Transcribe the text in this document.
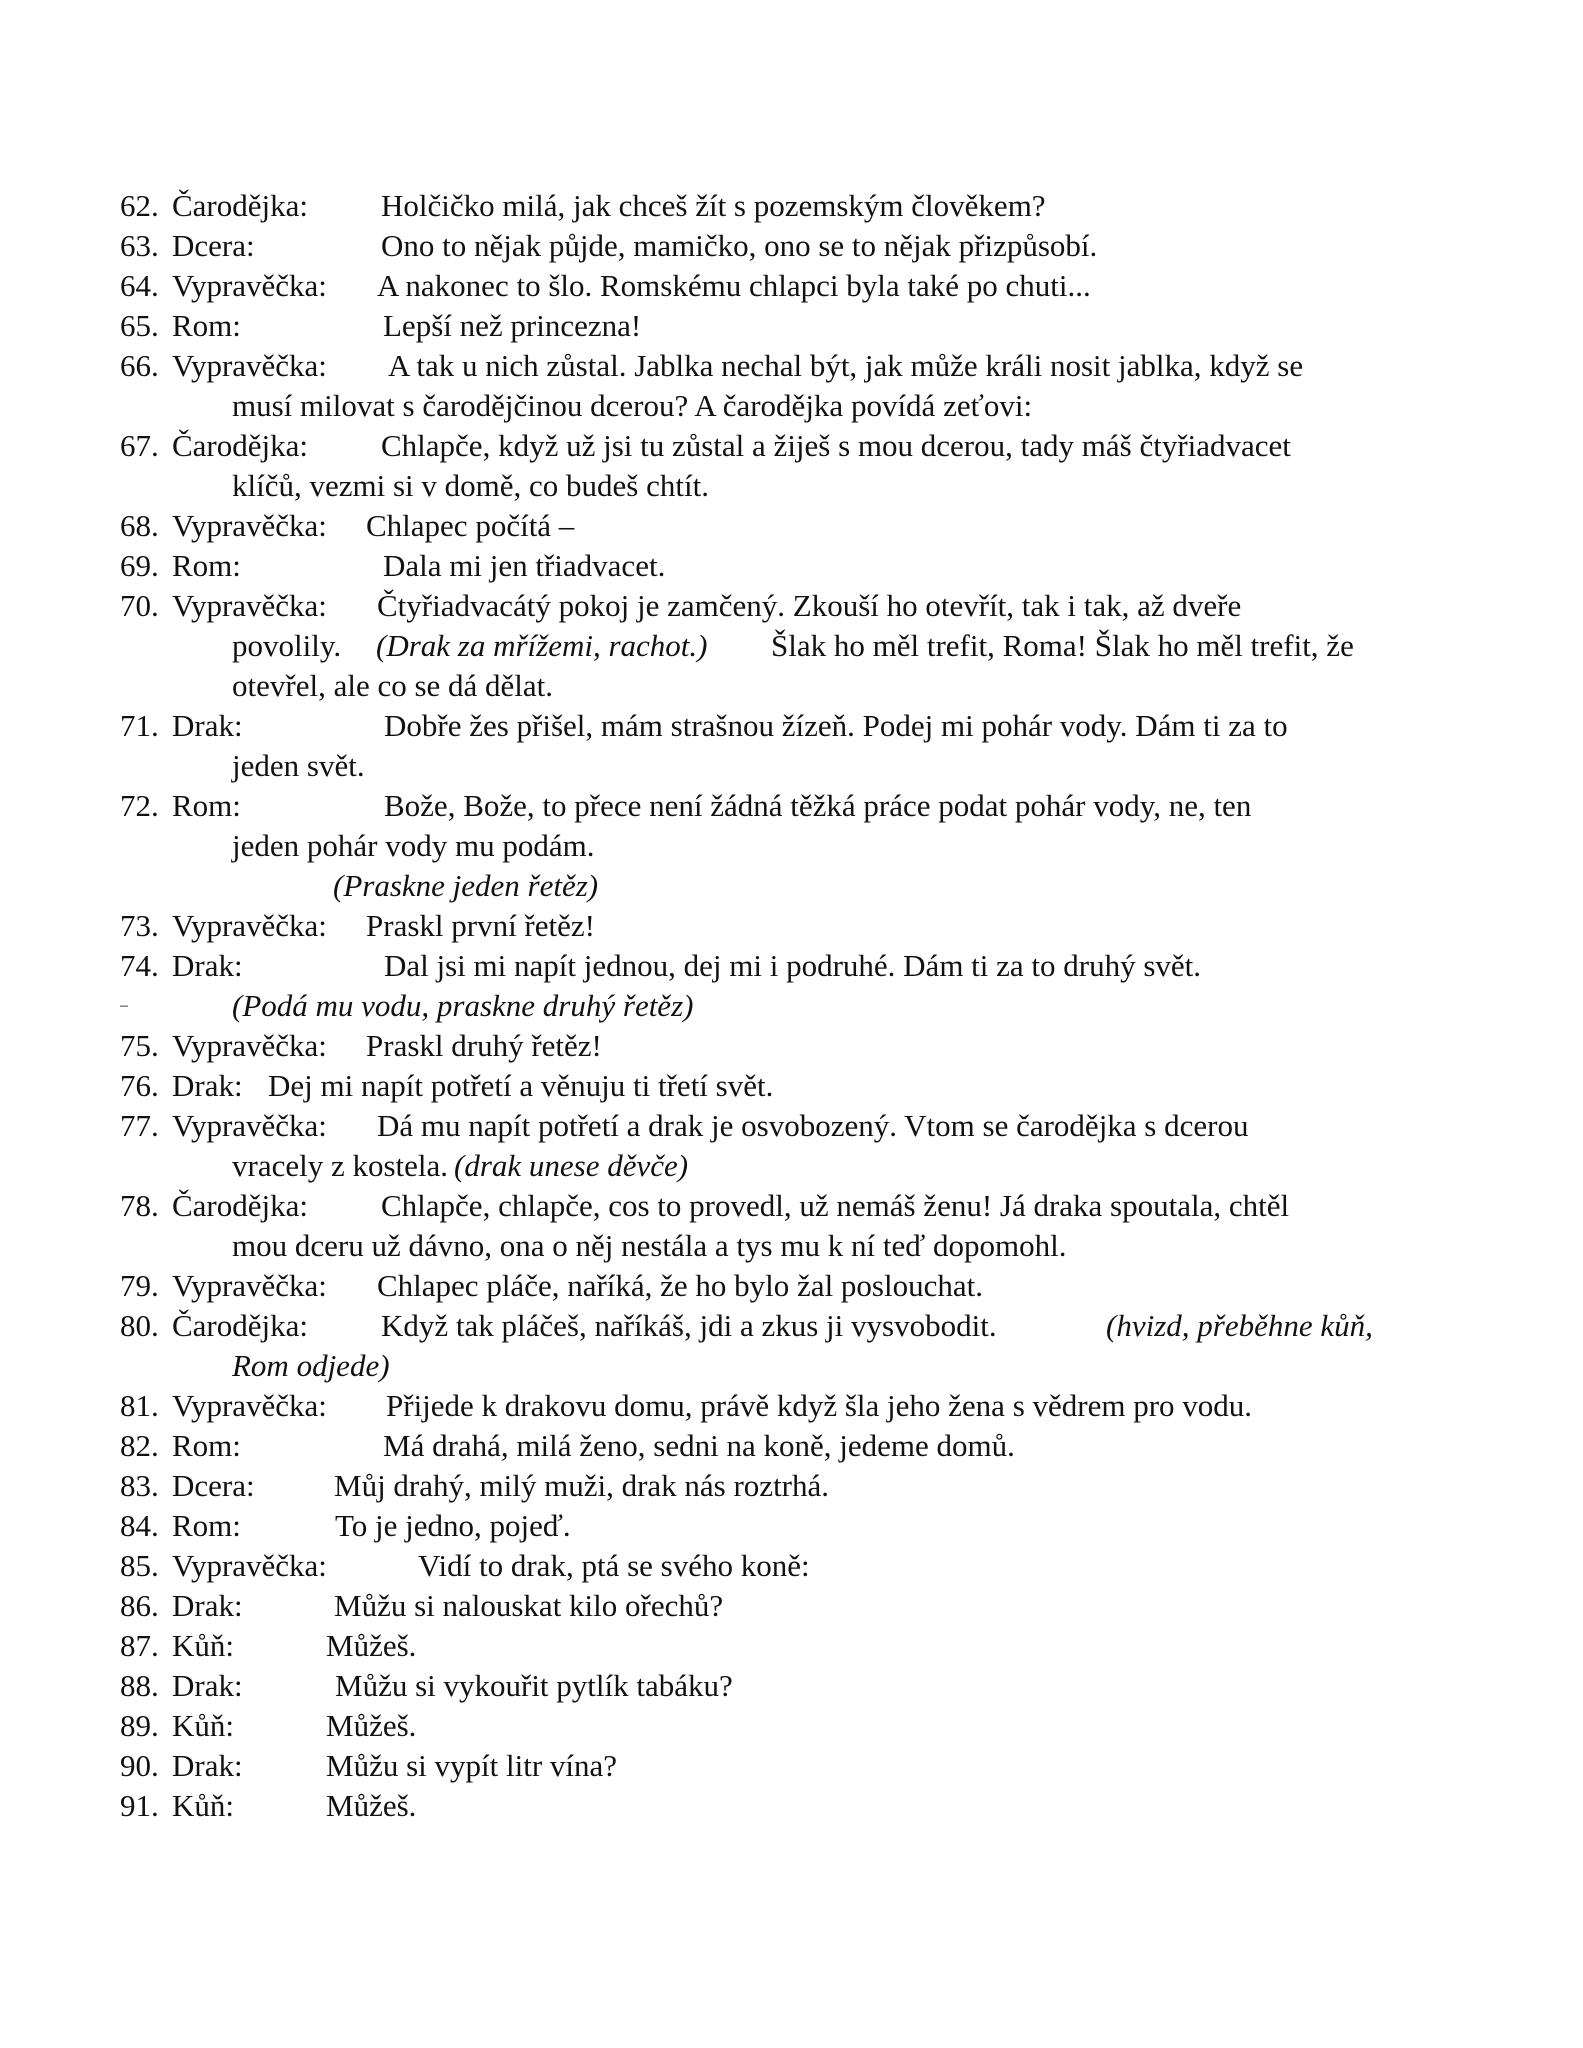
62. Čarodějka: Holčičko milá, jak chceš žít s pozemským člověkem?
63. Dcera:	Ono to nějak půjde, mamičko, ono se to nějak přizpůsobí.
64. Vypravěčka: A nakonec to šlo. Romskému chlapci byla také po chuti...
65. Rom:	Lepší než princezna!
66. Vypravěčka: A tak u nich zůstal. Jablka nechal být, jak může králi nosit jablka, když se
musí milovat s čarodějčinou dcerou? A čarodějka povídá zeťovi:
67. Čarodějka: Chlapče, když už jsi tu zůstal a žiješ s mou dcerou, tady máš čtyřiadvacet
klíčů, vezmi si v domě, co budeš chtít.
68. Vypravěčka: Chlapec počítá –
69. Rom:	Dala mi jen třiadvacet.
70. Vypravěčka: Čtyřiadvacátý pokoj je zamčený. Zkouší ho otevřít, tak i tak, až dveře
povolily. (Drak za mřížemi, rachot.) Šlak ho měl trefit, Roma! Šlak ho měl trefit, že
otevřel, ale co se dá dělat.
71. Drak:	Dobře žes přišel, mám strašnou žízeň. Podej mi pohár vody. Dám ti za to
jeden svět.
72. Rom:	Bože, Bože, to přece není žádná těžká práce podat pohár vody, ne, ten
jeden pohár vody mu podám.
(Praskne jeden řetěz)
73. Vypravěčka: Praskl první řetěz!
74. Drak:	Dal jsi mi napít jednou, dej mi i podruhé. Dám ti za to druhý svět.
–	(Podá mu vodu, praskne druhý řetěz)
75. Vypravěčka: Praskl druhý řetěz!
76. Drak: Dej mi napít potřetí a věnuju ti třetí svět.
77. Vypravěčka: Dá mu napít potřetí a drak je osvobozený. Vtom se čarodějka s dcerou
vracely z kostela. (drak unese děvče)
78. Čarodějka: Chlapče, chlapče, cos to provedl, už nemáš ženu! Já draka spoutala, chtěl
mou dceru už dávno, ona o něj nestála a tys mu k ní teď dopomohl.
79. Vypravěčka: Chlapec pláče, naříká, že ho bylo žal poslouchat.
80. Čarodějka: Když tak pláčeš, naříkáš, jdi a zkus ji vysvobodit.	(hvizd, přeběhne kůň,
Rom odjede)
81. Vypravěčka: Přijede k drakovu domu, právě když šla jeho žena s vědrem pro vodu.
82. Rom:	Má drahá, milá ženo, sedni na koně, jedeme domů.
83. Dcera:	Můj drahý, milý muži, drak nás roztrhá.
84. Rom:	To je jedno, pojeď.
85. Vypravěčka:	Vidí to drak, ptá se svého koně:
86. Drak:	Můžu si nalouskat kilo ořechů?
87. Kůň:	Můžeš.
88. Drak:	Můžu si vykouřit pytlík tabáku?
89. Kůň:	Můžeš.
90. Drak:	Můžu si vypít litr vína?
91. Kůň:	Můžeš.
